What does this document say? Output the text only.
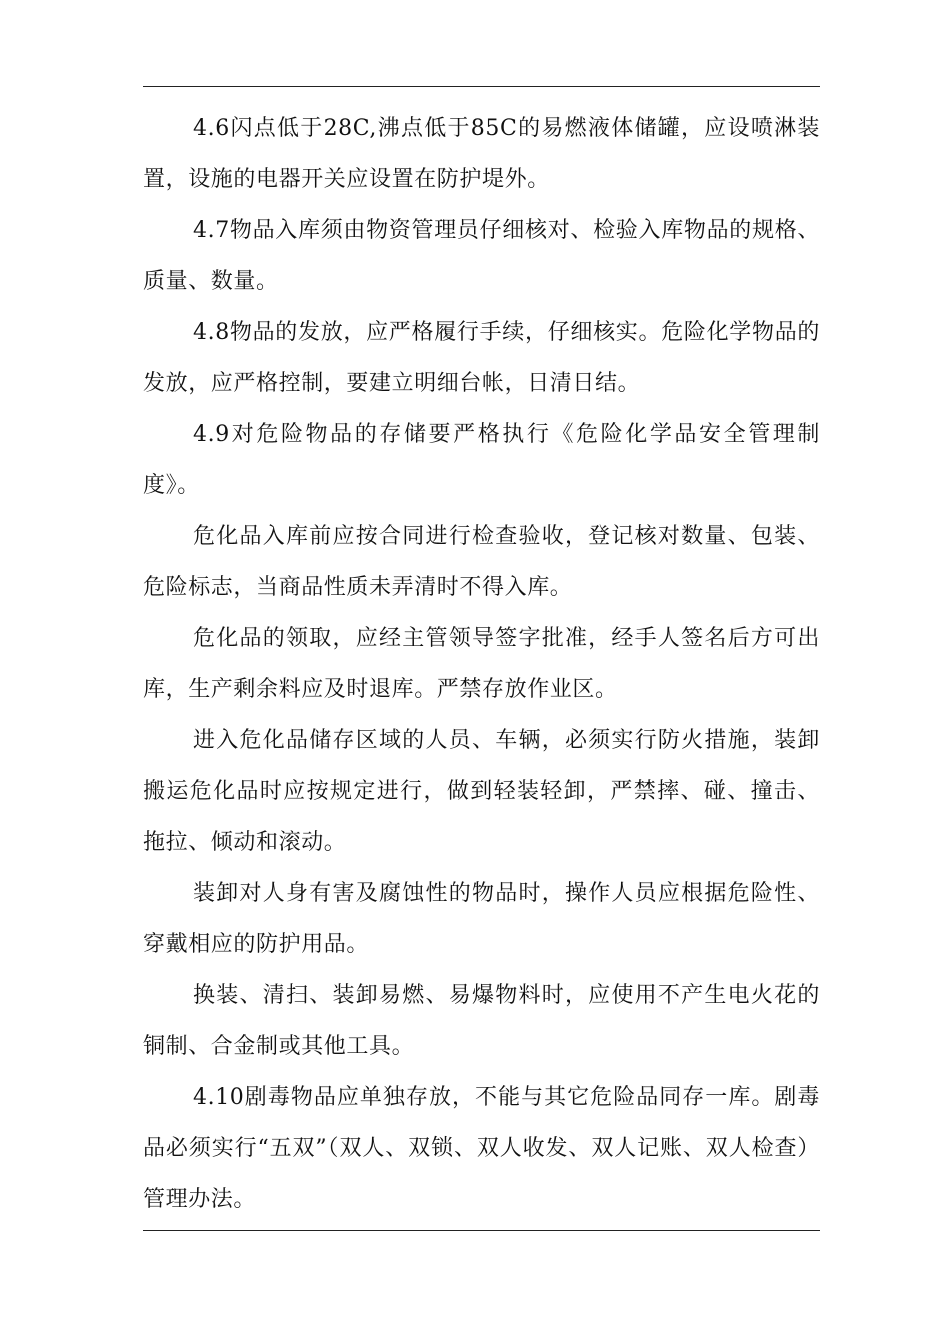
4.6闪点低于28C,沸点低于85C的易燃液体储罐，应设喷淋装置，设施的电器开关应设置在防护堤外。

4.7物品入库须由物资管理员仔细核对、检验入库物品的规格、质量、数量。

4.8物品的发放，应严格履行手续，仔细核实。危险化学物品的发放，应严格控制，要建立明细台帐，日清日结。

4.9对危险物品的存储要严格执行《危险化学品安全管理制度》。

危化品入库前应按合同进行检查验收，登记核对数量、包装、危险标志，当商品性质未弄清时不得入库。

危化品的领取，应经主管领导签字批准，经手人签名后方可出库，生产剩余料应及时退库。严禁存放作业区。

进入危化品储存区域的人员、车辆，必须实行防火措施，装卸搬运危化品时应按规定进行，做到轻装轻卸，严禁摔、碰、撞击、拖拉、倾动和滚动。

装卸对人身有害及腐蚀性的物品时，操作人员应根据危险性、穿戴相应的防护用品。

换装、清扫、装卸易燃、易爆物料时，应使用不产生电火花的铜制、合金制或其他工具。

4.10剧毒物品应单独存放，不能与其它危险品同存一库。剧毒品必须实行“五双”（双人、双锁、双人收发、双人记账、双人检查）管理办法。
